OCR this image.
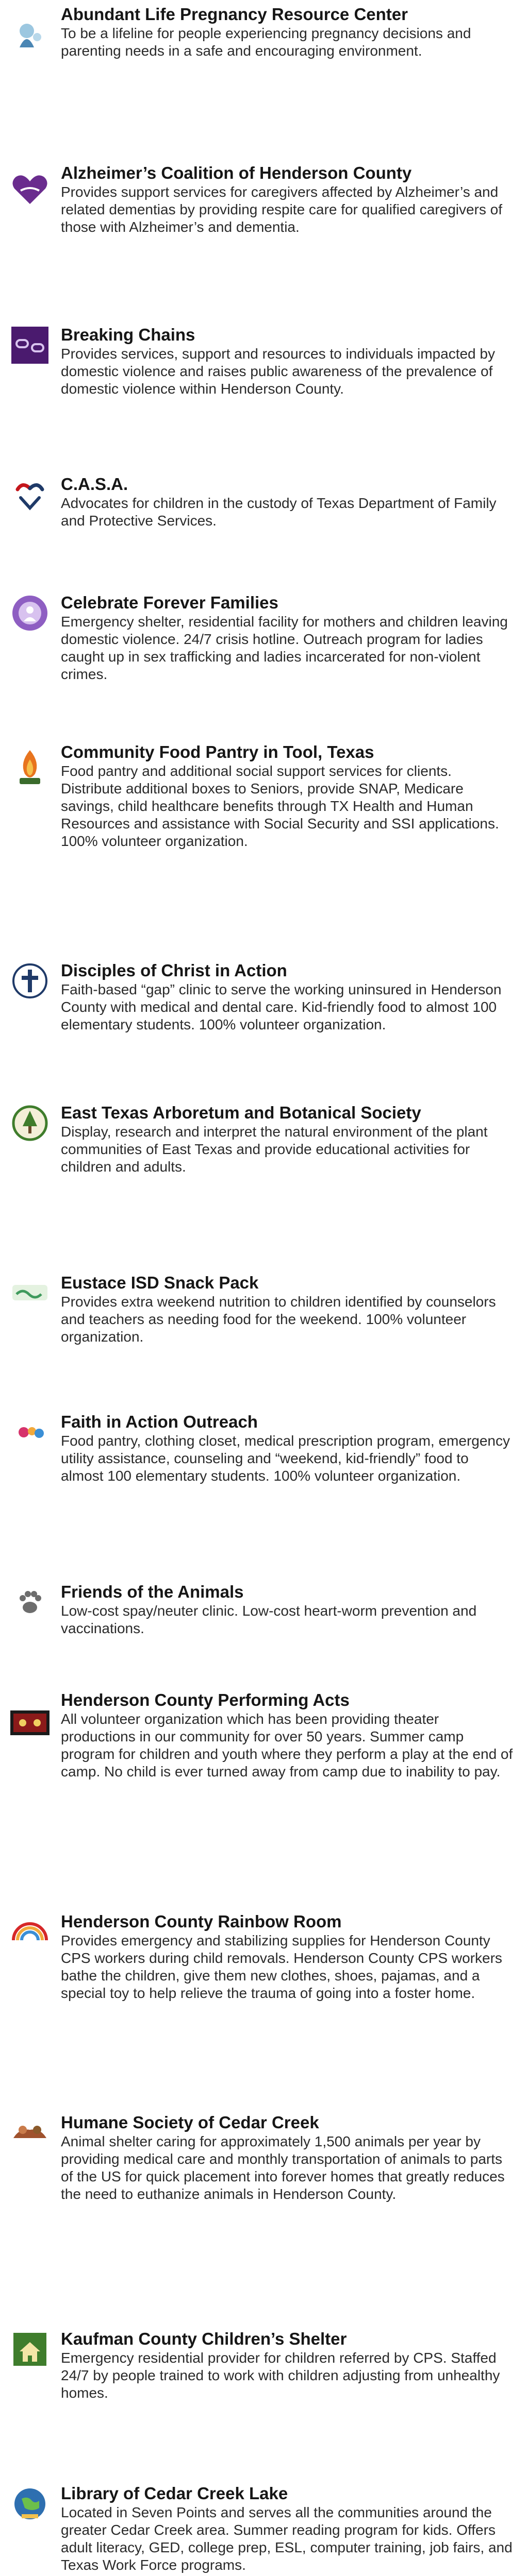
Abundant Life Pregnancy Resource Center

To be a lifeline for people experiencing pregnancy decisions and parenting needs in a safe and encouraging environment.

Alzheimer’s Coalition of Henderson County

Provides support services for caregivers affected by Alzheimer’s and related dementias by providing respite care for qualified caregivers of those with Alzheimer’s and dementia.

Breaking Chains

Provides services, support and resources to individuals impacted by domestic violence and raises public awareness of the prevalence of domestic violence within Henderson County.

C.A.S.A.

Advocates for children in the custody of Texas Department of Family and Protective Services.

Celebrate Forever Families

Emergency shelter, residential facility for mothers and children leaving domestic violence. 24/7 crisis hotline. Outreach program for ladies caught up in sex trafficking and ladies incarcerated for non-violent crimes.

Community Food Pantry in Tool, Texas

Food pantry and additional social support services for clients. Distribute additional boxes to Seniors, provide SNAP, Medicare savings, child healthcare benefits through TX Health and Human Resources and assistance with Social Security and SSI applications. 100% volunteer organization.

Disciples of Christ in Action

Faith-based “gap” clinic to serve the working uninsured in Henderson County with medical and dental care. Kid-friendly food to almost 100 elementary students. 100% volunteer organization.

East Texas Arboretum and Botanical Society

Display, research and interpret the natural environment of the plant communities of East Texas and provide educational activities for children and adults.

Eustace ISD Snack Pack

Provides extra weekend nutrition to children identified by counselors and teachers as needing food for the weekend. 100% volunteer organization.

Faith in Action Outreach

Food pantry, clothing closet, medical prescription program, emergency utility assistance, counseling and “weekend, kid-friendly” food to almost 100 elementary students. 100% volunteer organization.

Friends of the Animals

Low-cost spay/neuter clinic. Low-cost heart-worm prevention and vaccinations.

Henderson County Performing Acts

All volunteer organization which has been providing theater productions in our community for over 50 years. Summer camp program for children and youth where they perform a play at the end of camp. No child is ever turned away from camp due to inability to pay.

Henderson County Rainbow Room

Provides emergency and stabilizing supplies for Henderson County CPS workers during child removals. Henderson County CPS workers bathe the children, give them new clothes, shoes, pajamas, and a special toy to help relieve the trauma of going into a foster home.

Humane Society of Cedar Creek

Animal shelter caring for approximately 1,500 animals per year by providing medical care and monthly transportation of animals to parts of the US for quick placement into forever homes that greatly reduces the need to euthanize animals in Henderson County.

Kaufman County Children’s Shelter

Emergency residential provider for children referred by CPS. Staffed 24/7 by people trained to work with children adjusting from unhealthy homes.

Library of Cedar Creek Lake

Located in Seven Points and serves all the communities around the greater Cedar Creek area. Summer reading program for kids. Offers adult literacy, GED, college prep, ESL, computer training, job fairs, and Texas Work Force programs.
